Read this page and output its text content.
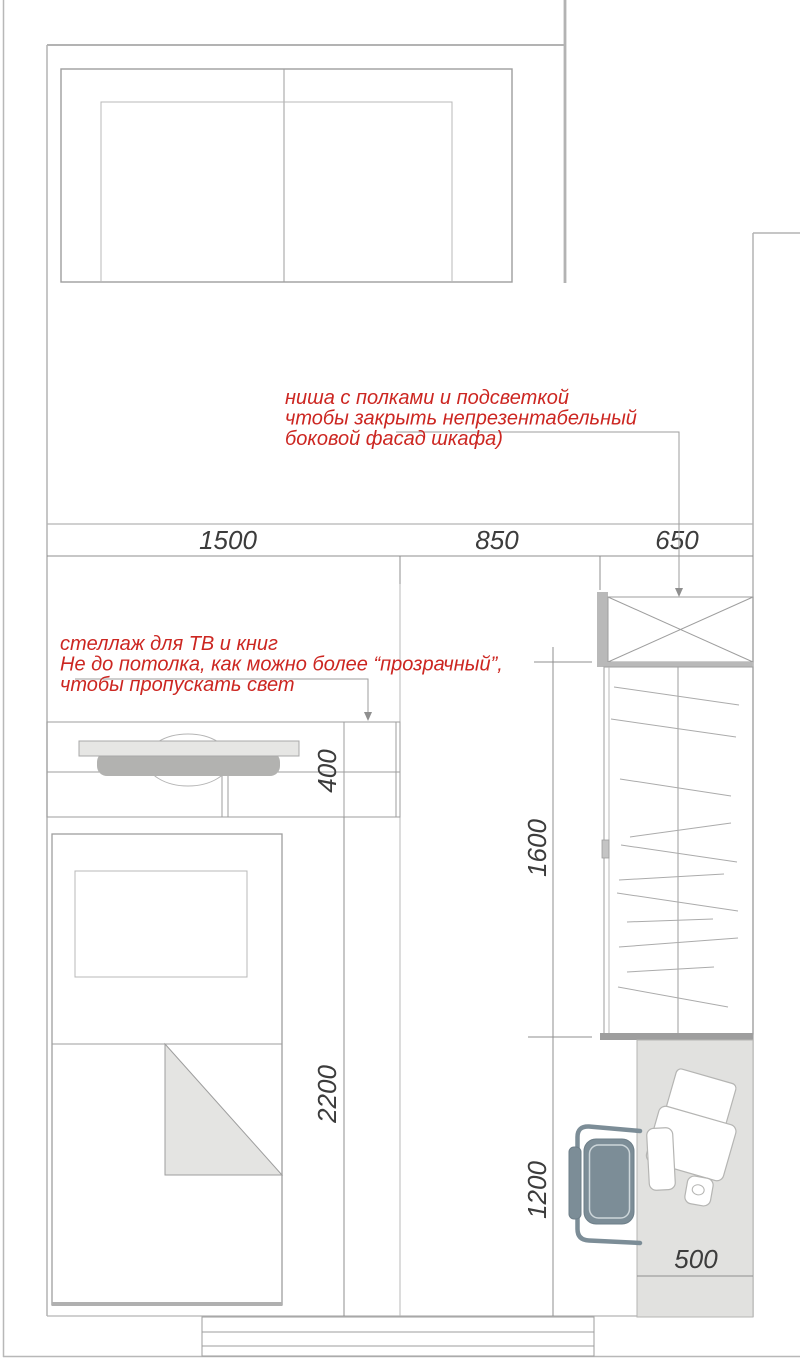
1500	850	650
1600
1200
2200
400
500
ниша с полками и подсветкой
чтобы закрыть непрезентабельный
боковой фасад шкафа)
стеллаж для ТВ и книг
Не до потолка, как можно более “прозрачный”,
чтобы пропускать свет
